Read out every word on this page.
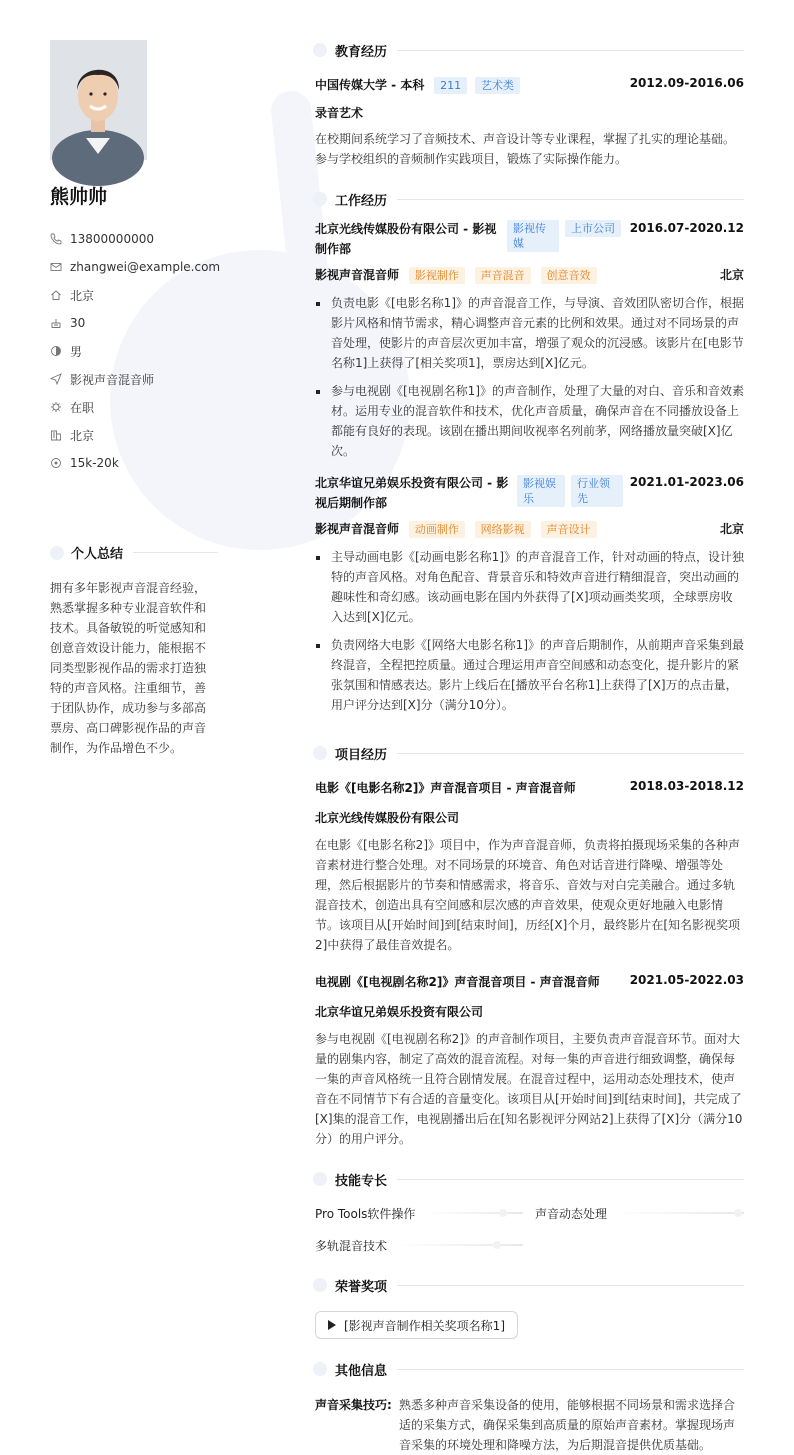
熊帅帅
13800000000
zhangwei@example.com
北京
30
男
影视声音混音师
在职
北京
15k-20k
个人总结
拥有多年影视声音混音经验，熟悉掌握多种专业混音软件和技术。具备敏锐的听觉感知和创意音效设计能力，能根据不同类型影视作品的需求打造独特的声音风格。注重细节，善于团队协作，成功参与多部高票房、高口碑影视作品的声音制作，为作品增色不少。
教育经历
中国传媒大学 - 本科 211 艺术类	2012.09-2016.06
录音艺术
在校期间系统学习了音频技术、声音设计等专业课程，掌握了扎实的理论基础。参与学校组织的音频制作实践项目，锻炼了实际操作能力。
工作经历
北京光线传媒股份有限公司 - 影视制作部
影视传媒
上市公司	2016.07-2020.12
影视声音混音师 影视制作 声音混音 创意音效	北京
负责电影《[电影名称1]》的声音混音工作，与导演、音效团队密切合作，根据影片风格和情节需求，精心调整声音元素的比例和效果。通过对不同场景的声音处理，使影片的声音层次更加丰富，增强了观众的沉浸感。该影片在[电影节名称1]上获得了[相关奖项1]，票房达到[X]亿元。
参与电视剧《[电视剧名称1]》的声音制作，处理了大量的对白、音乐和音效素材。运用专业的混音软件和技术，优化声音质量，确保声音在不同播放设备上都能有良好的表现。该剧在播出期间收视率名列前茅，网络播放量突破[X]亿次。
北京华谊兄弟娱乐投资有限公司 - 影视后期制作部
影视娱乐
行业领先
2021.01-2023.06
影视声音混音师 动画制作 网络影视 声音设计	北京
主导动画电影《[动画电影名称1]》的声音混音工作，针对动画的特点，设计独特的声音风格。对角色配音、背景音乐和特效声音进行精细混音，突出动画的趣味性和奇幻感。该动画电影在国内外获得了[X]项动画类奖项，全球票房收入达到[X]亿元。
负责网络大电影《[网络大电影名称1]》的声音后期制作，从前期声音采集到最终混音，全程把控质量。通过合理运用声音空间感和动态变化，提升影片的紧张氛围和情感表达。影片上线后在[播放平台名称1]上获得了[X]万的点击量，用户评分达到[X]分（满分10分）。
项目经历
电影《[电影名称2]》声音混音项目 - 声音混音师	2018.03-2018.12
北京光线传媒股份有限公司
在电影《[电影名称2]》项目中，作为声音混音师，负责将拍摄现场采集的各种声音素材进行整合处理。对不同场景的环境音、角色对话音进行降噪、增强等处理，然后根据影片的节奏和情感需求，将音乐、音效与对白完美融合。通过多轨混音技术，创造出具有空间感和层次感的声音效果，使观众更好地融入电影情节。该项目从[开始时间]到[结束时间]，历经[X]个月，最终影片在[知名影视奖项2]中获得了最佳音效提名。
电视剧《[电视剧名称2]》声音混音项目 - 声音混音师	2021.05-2022.03
北京华谊兄弟娱乐投资有限公司
参与电视剧《[电视剧名称2]》的声音制作项目，主要负责声音混音环节。面对大量的剧集内容，制定了高效的混音流程。对每一集的声音进行细致调整，确保每一集的声音风格统一且符合剧情发展。在混音过程中，运用动态处理技术，使声音在不同情节下有合适的音量变化。该项目从[开始时间]到[结束时间]，共完成了[X]集的混音工作，电视剧播出后在[知名影视评分网站2]上获得了[X]分（满分10分）的用户评分。
技能专长
Pro Tools软件操作	声音动态处理
多轨混音技术
荣誉奖项
[影视声音制作相关奖项名称1]
其他信息
声音采集技巧: 熟悉多种声音采集设备的使用，能够根据不同场景和需求选择合适的采集方式，确保采集到高质量的原始声音素材。掌握现场声音采集的环境处理和降噪方法，为后期混音提供优质基础。
